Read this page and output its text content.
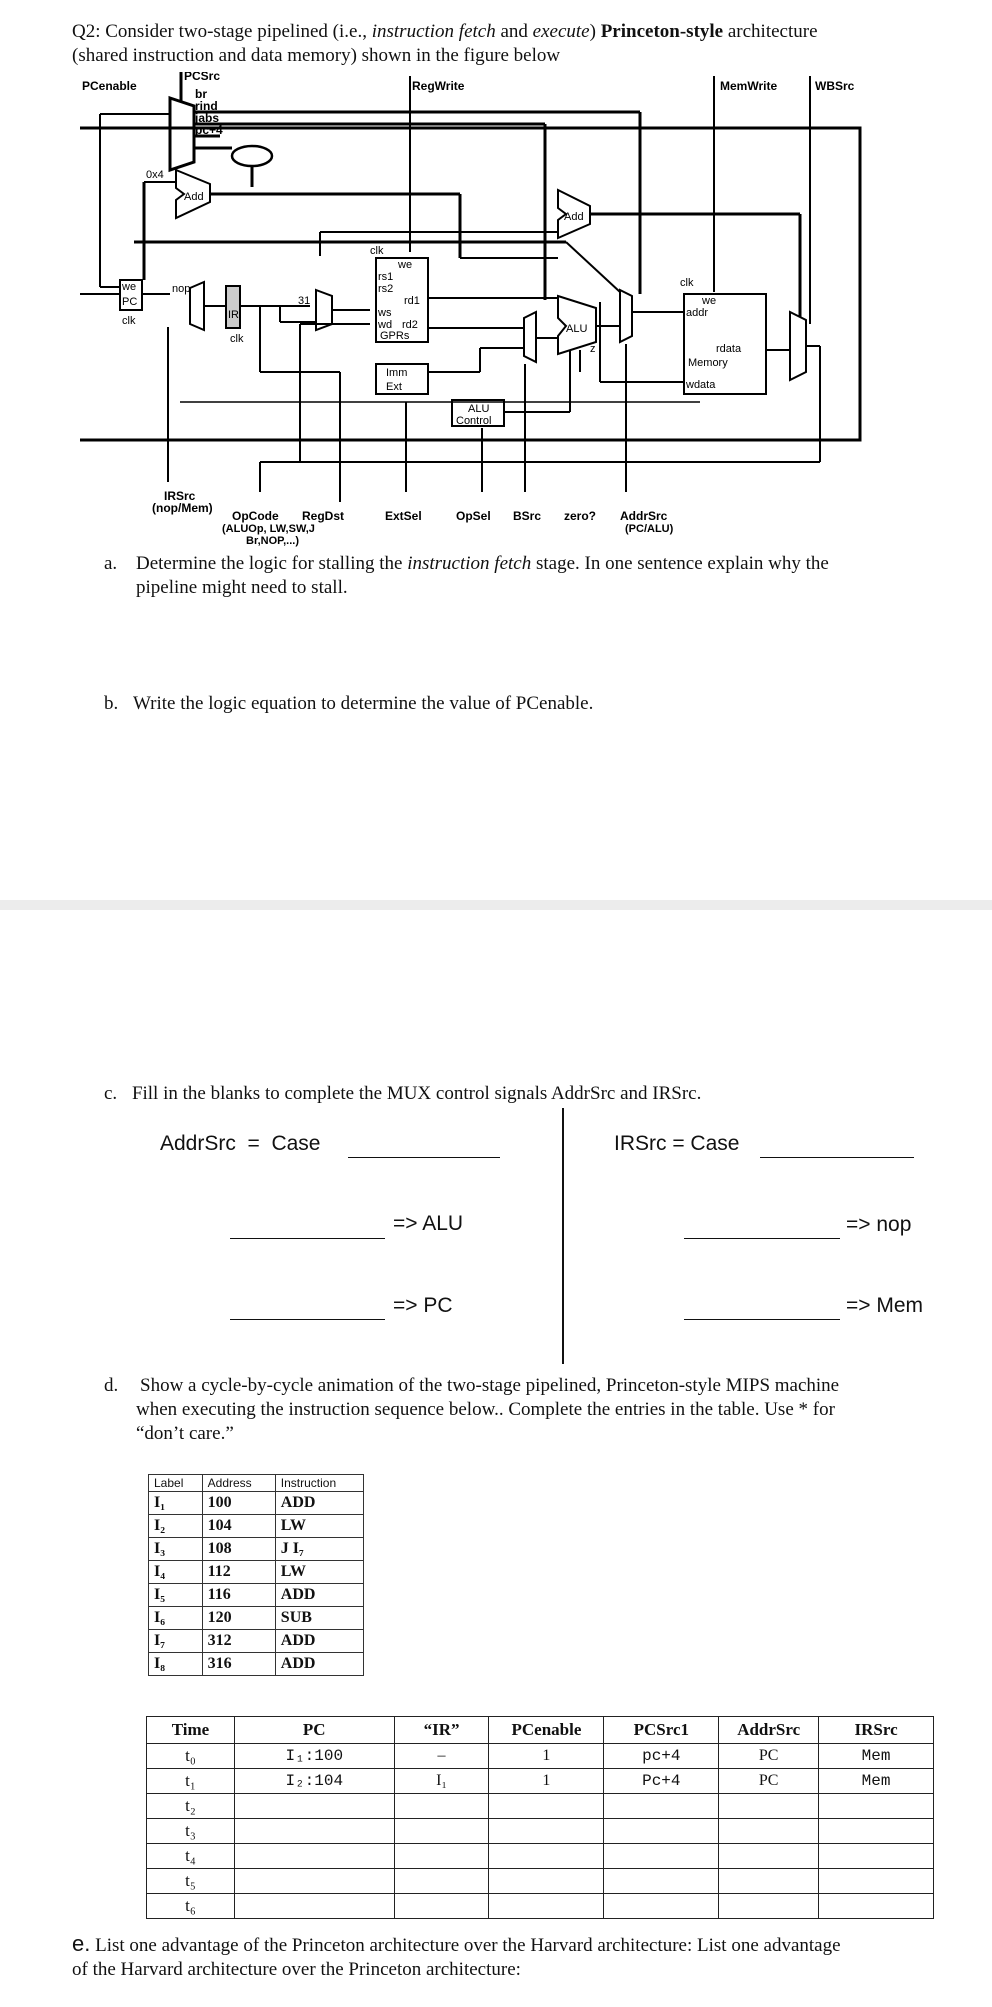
Q2: Consider two-stage pipelined (i.e., instruction fetch and execute) Princeton-style architecture
(shared instruction and data memory) shown in the figure below
PCSrc
PCenable	RegWrite	MemWrite	WBSrc
br
rind
jabs
pc+4
0x4
Add
Add
we
PC
clk
nop
IR
clk
31
clk
we
rs1
rs2
rd1
ws
wd rd2
GPRs
Imm
Ext
ALU
z
ALU
Control
clk
we
addr
rdata
Memory
wdata
IRSrc
(nop/Mem)
OpCode
(ALUOp, LW,SW,J
Br,NOP,...)
RegDst	ExtSel	OpSel BSrc zero? AddrSrc
(PC/ALU)
a. Determine the logic for stalling the instruction fetch stage. In one sentence explain why the
pipeline might need to stall.
b. Write the logic equation to determine the value of PCenable.
c. Fill in the blanks to complete the MUX control signals AddrSrc and IRSrc.
AddrSrc  =  Case
=> ALU
=> PC
IRSrc = Case
=> nop
=> Mem
d. Show a cycle-by-cycle animation of the two-stage pipelined, Princeton-style MIPS machine
when executing the instruction sequence below.. Complete the entries in the table. Use * for
“don’t care.”
Label	Address	Instruction
I₁	100	ADD
I₂	104	LW
I₃	108	J I₇
I₄	112	LW
I₅	116	ADD
I₆	120	SUB
I₇	312	ADD
I₈	316	ADD
Time	PC	“IR”	PCenable	PCSrc1	AddrSrc	IRSrc
t₀	I₁:100	–	1	pc+4	PC	Mem
t₁	I₂:104	I₁	1	Pc+4	PC	Mem
t₂						
t₃						
t₄						
t₅						
t₆						
e. List one advantage of the Princeton architecture over the Harvard architecture: List one advantage
of the Harvard architecture over the Princeton architecture:
